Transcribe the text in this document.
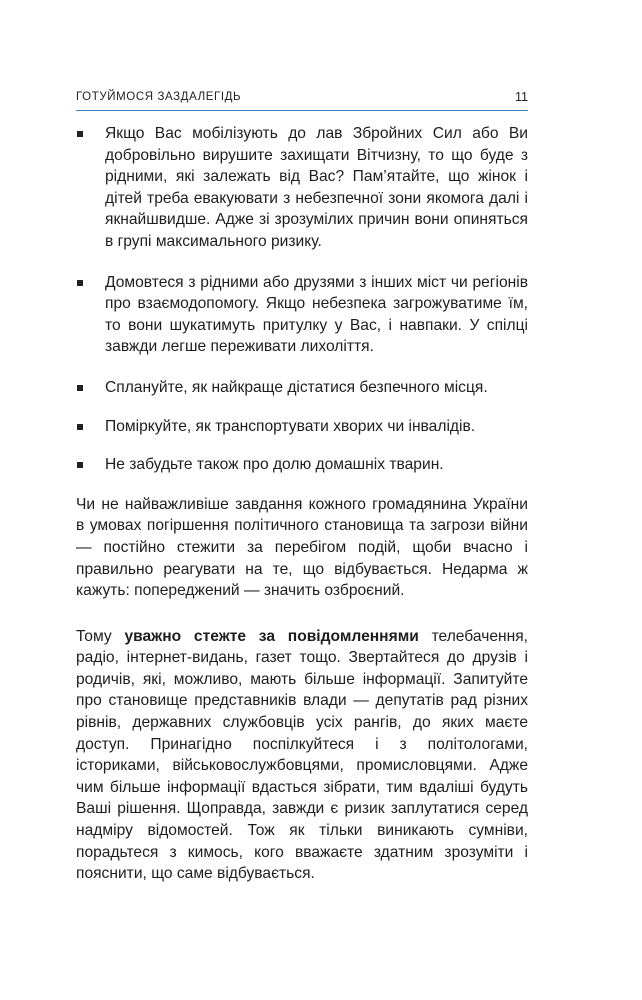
ГОТУЙМОСЯ ЗАЗДАЛЕГІДЬ	11
Якщо Вас мобілізують до лав Збройних Сил або Ви добровільно вирушите захищати Вітчизну, то що буде з рідними, які залежать від Вас? Пам’ятайте, що жінок і дітей треба евакуювати з небезпечної зони якомога далі і якнайшвидше. Адже зі зрозумілих причин вони опиняться в групі максимального ризику.
Домовтеся з рідними або друзями з інших міст чи регіонів про взаємодопомогу. Якщо небезпека загрожуватиме їм, то вони шукатимуть притулку у Вас, і навпаки. У спілці завжди легше переживати лихоліття.
Сплануйте, як найкраще дістатися безпечного місця.
Поміркуйте, як транспортувати хворих чи інвалідів.
Не забудьте також про долю домашніх тварин.

Чи не найважливіше завдання кожного громадянина України в умовах погіршення політичного становища та загрози війни — постійно стежити за перебігом подій, щоби вчасно і правильно реагувати на те, що відбувається. Недарма ж кажуть: попереджений — значить озброєний.

Тому уважно стежте за повідомленнями телебачення, радіо, інтернет-видань, газет тощо. Звертайтеся до друзів і родичів, які, можливо, мають більше інформації. Запитуйте про становище представників влади — депутатів рад різних рівнів, державних службовців усіх рангів, до яких маєте доступ. Принагідно поспілкуйтеся і з політологами, істориками, військовослужбовцями, промисловцями. Адже чим більше інформації вдасться зібрати, тим вдаліші будуть Ваші рішення. Щоправда, завжди є ризик заплутатися серед надміру відомостей. Тож як тільки виникають сумніви, порадьтеся з кимось, кого вважаєте здатним зрозуміти і пояснити, що саме відбувається.
